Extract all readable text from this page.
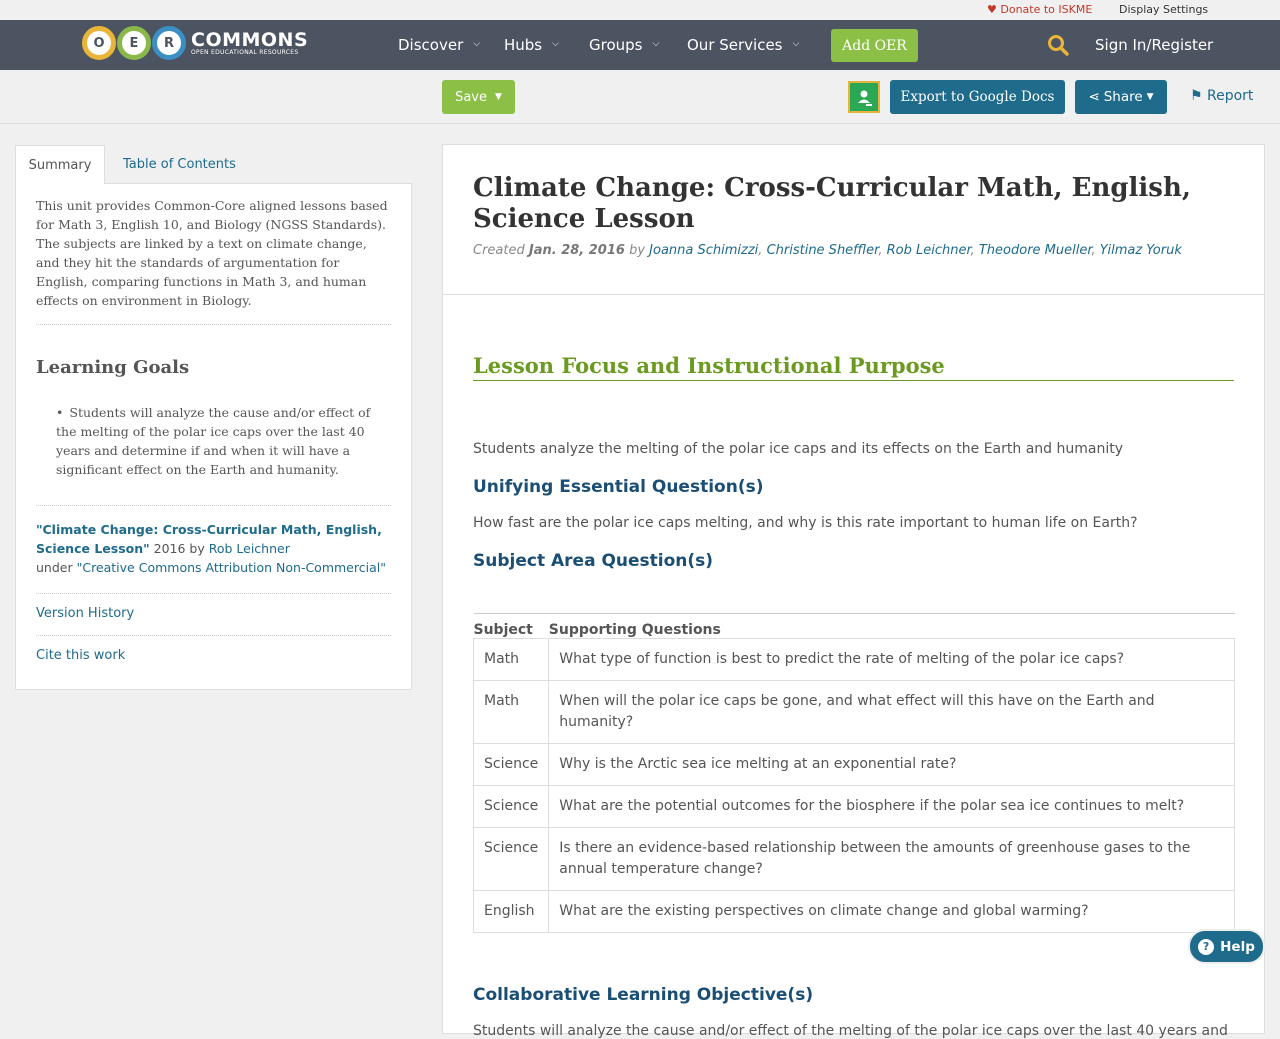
♥ Donate to ISKME Display Settings
O	E	R COMMONS
OPEN EDUCATIONAL RESOURCES	Discover ⌵ Hubs ⌵ Groups ⌵ Our Services ⌵	Add OER	Sign In/Register
Save ▼	Export to Google Docs	⋖ Share ▼	⚑ Report
Summary	Table of Contents

This unit provides Common-Core aligned lessons based for Math 3, English 10, and Biology (NGSS Standards). The subjects are linked by a text on climate change, and they hit the standards of argumentation for English, comparing functions in Math 3, and human effects on environment in Biology.

Learning Goals
• Students will analyze the cause and/or effect of the melting of the polar ice caps over the last 40 years and determine if and when it will have a significant effect on the Earth and humanity.
"Climate Change: Cross-Curricular Math, English, Science Lesson" 2016 by Rob Leichner
under "Creative Commons Attribution Non-Commercial"
Version History
Cite this work
Climate Change: Cross-Curricular Math, English, Science Lesson
Created Jan. 28, 2016 by Joanna Schimizzi, Christine Sheffler, Rob Leichner, Theodore Mueller, Yilmaz Yoruk
Lesson Focus and Instructional Purpose

Students analyze the melting of the polar ice caps and its effects on the Earth and humanity

Unifying Essential Question(s)

How fast are the polar ice caps melting, and why is this rate important to human life on Earth?

Subject Area Question(s)
Subject	Supporting Questions
Math	What type of function is best to predict the rate of melting of the polar ice caps?
Math	When will the polar ice caps be gone, and what effect will this have on the Earth and humanity?
Science	Why is the Arctic sea ice melting at an exponential rate?
Science	What are the potential outcomes for the biosphere if the polar sea ice continues to melt?
Science	Is there an evidence-based relationship between the amounts of greenhouse gases to the annual temperature change?
English	What are the existing perspectives on climate change and global warming?
Collaborative Learning Objective(s)

Students will analyze the cause and/or effect of the melting of the polar ice caps over the last 40 years and

? Help
